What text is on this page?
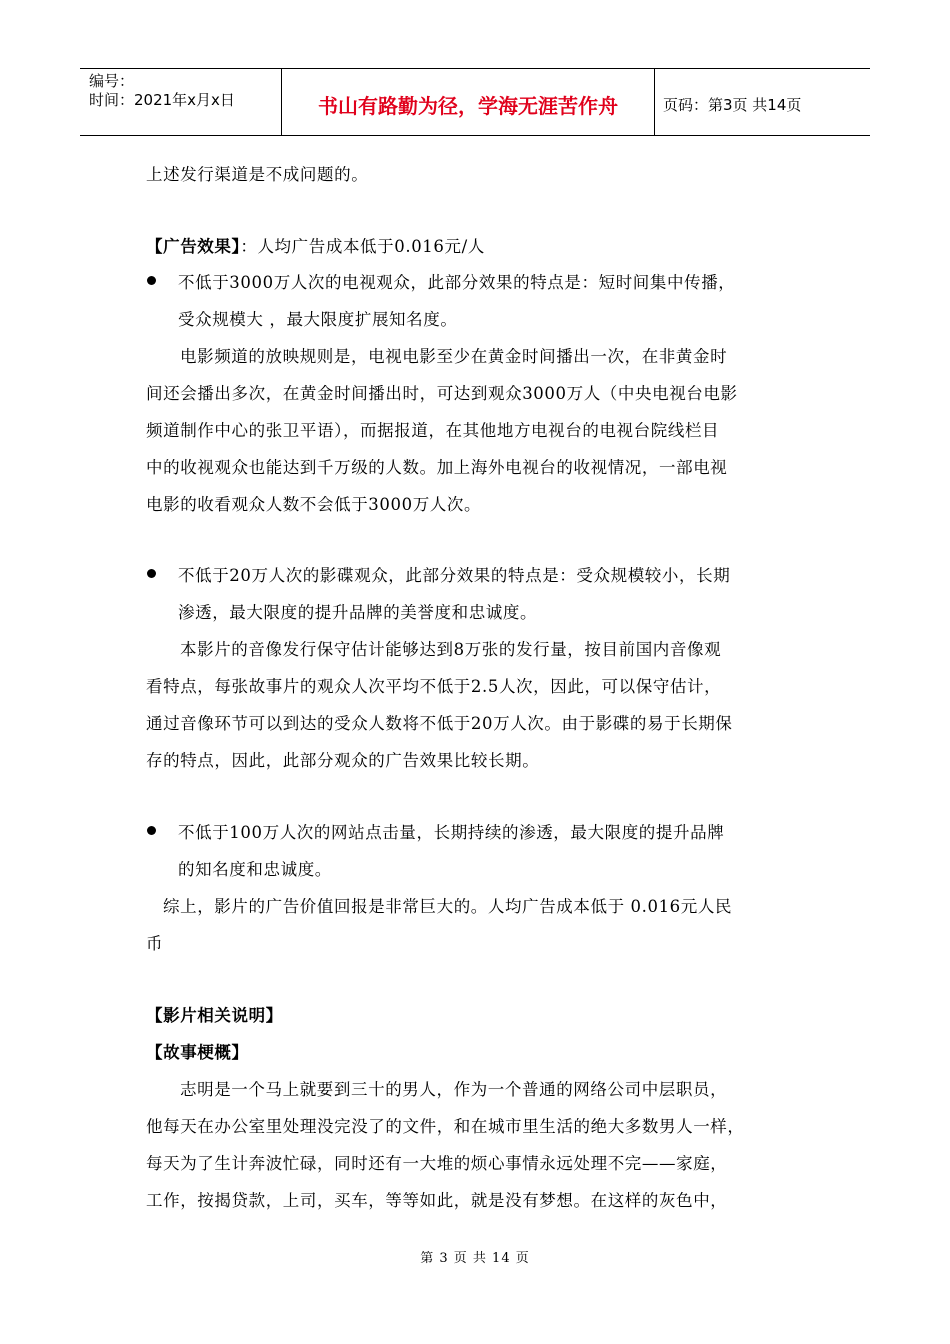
编号：
时间：2021年x月x日	书山有路勤为径，学海无涯苦作舟	页码：第3页 共14页
上述发行渠道是不成问题的。
【广告效果】：人均广告成本低于0.016元/人
不低于3000万人次的电视观众，此部分效果的特点是：短时间集中传播，
受众规模大 ，最大限度扩展知名度。
电影频道的放映规则是，电视电影至少在黄金时间播出一次，在非黄金时
间还会播出多次，在黄金时间播出时，可达到观众3000万人（中央电视台电影
频道制作中心的张卫平语），而据报道，在其他地方电视台的电视台院线栏目
中的收视观众也能达到千万级的人数。加上海外电视台的收视情况，一部电视
电影的收看观众人数不会低于3000万人次。
不低于20万人次的影碟观众，此部分效果的特点是：受众规模较小，长期
渗透，最大限度的提升品牌的美誉度和忠诚度。
本影片的音像发行保守估计能够达到8万张的发行量，按目前国内音像观
看特点，每张故事片的观众人次平均不低于2.5人次，因此，可以保守估计，
通过音像环节可以到达的受众人数将不低于20万人次。由于影碟的易于长期保
存的特点，因此，此部分观众的广告效果比较长期。
不低于100万人次的网站点击量，长期持续的渗透，最大限度的提升品牌
的知名度和忠诚度。
综上，影片的广告价值回报是非常巨大的。人均广告成本低于 0.016元人民
币
【影片相关说明】
【故事梗概】
志明是一个马上就要到三十的男人，作为一个普通的网络公司中层职员，
他每天在办公室里处理没完没了的文件，和在城市里生活的绝大多数男人一样，
每天为了生计奔波忙碌，同时还有一大堆的烦心事情永远处理不完——家庭，
工作，按揭贷款，上司，买车，等等如此，就是没有梦想。在这样的灰色中，
第 3 页 共 14 页
